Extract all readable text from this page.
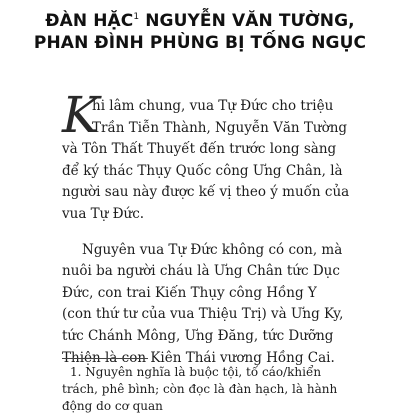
ĐÀN HẶC$^1$ NGUYỄN VĂN TƯỜNG,
PHAN ĐÌNH PHÙNG BỊ TỐNG NGỤC

K
hi lâm chung, vua Tự Đức cho triệu Trần Tiễn Thành, Nguyễn Văn Tường và Tôn Thất Thuyết đến trước long sàng để ký thác Thụy Quốc công Ưng Chân, là người sau này được kế vị theo ý muốn của vua Tự Đức.

Nguyên vua Tự Đức không có con, mà nuôi ba người cháu là Ưng Chân tức Dục Đức, con trai Kiến Thụy công Hồng Y (con thứ tư của vua Thiệu Trị) và Ưng Ky, tức Chánh Mông, Ưng Đăng, tức Dưỡng Thiện là con Kiên Thái vương Hồng Cai.

1. Nguyên nghĩa là buộc tội, tố cáo/khiển trách, phê bình; còn đọc là đàn hạch, là hành động do cơ quan
